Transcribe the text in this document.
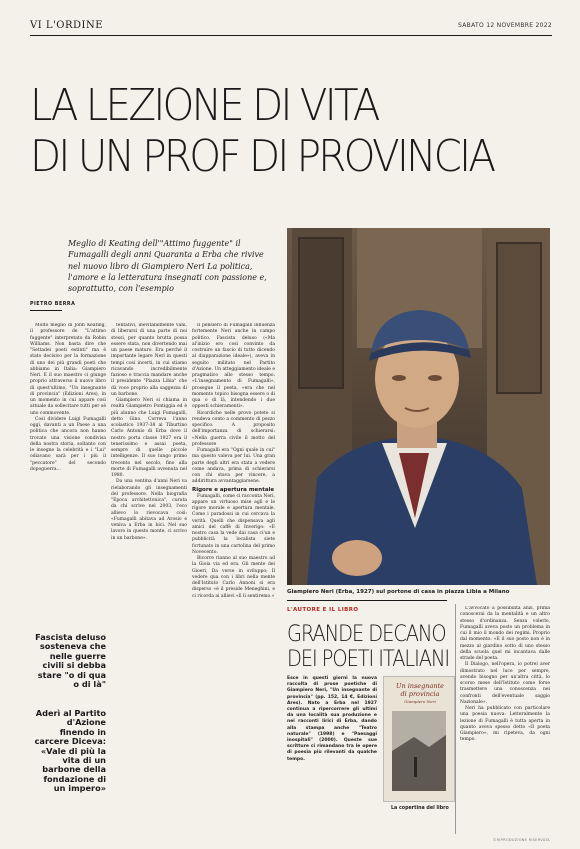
VI L'ORDINE	SABATO 12 NOVEMBRE 2022
LA LEZIONE DI VITA
DI UN PROF DI PROVINCIA
Meglio di Keating dell'"Attimo fuggente" il Fumagalli degli anni Quaranta a Erba che rivive nel nuovo libro di Giampiero Neri La politica, l'amore e la letteratura insegnati con passione e, soprattutto, con l'esempio
PIETRO BERRA
Giampiero Neri (Erba, 1927) sul portone di casa in piazza Libia a Milano

Molto meglio di John Keating, il professore de "L'attimo fuggente" interpretato da Robin Williams. Non basta dire che "Settadei poeti estinti" ma è stato decisivo per la formazione di uno dei più grandi poeti che abbiamo in Italia: Giampiero Neri. E il suo maestro ci giunge proprio attraverso il nuovo libro di quest'ultimo, "Un insegnante di provincia" (Edizioni Ares), in un momento in cui appare così attuale da sollecitare tutti per sé uno commovente.

Così dividere Luigi Fumagalli oggi, davanti a un Paese a una politica che ancora non hanno trovato una visione condivisa della nostra storia, soltanto con le insegne la celebrità e i "Lui" odiavano sarà per i più il "peccatore" del secondo dopoguerra...

tentativi, inevitabilmente vani, di liberarsi di una parte di noi stessi, per quanto brutta possa essere stata, non divertendo mai un paese maturo. Era perché il importante legare Neri in questi tempi così incerti, in cui stiamo ricavando incredibilmente fazioso e traccia mandare anche il presidente "Piazza Libia" che dà voce proprio alla saggezza di un barbone.

Giampiero Neri si chiama in realtà Giampietro Pontiggia ed è più alunno che Luigi Fumagalli, detto Gino. Correva l'anno scolastico 1937-38 al Tiburtino Carlo Antonio di Erba dove il nostro porta classe 1927 era il tenerissimo e assai poeta, sempre di quelle piccole intelligenze. Il suo lungo primo trecento nel secolo, fino alla morte di Fumagalli avvenuta nel 1980.

Da una ventina d'anni Neri va rielaborando gli insegnamenti del professore. Nella biografia "Epoca architettonica", curata da chi scrive nel 2003, l'eco allievo lo rievocava così: «Fumagalli abitava ad Arosio e veniva a Erba in bici. Nel suo lavoro in questo monte, ci scrivo in un barbone».

Il pensiero di Fumagalli influenza fortemente Neri anche in campo politico. Fascista deluso («Ma al'inizio ero così convinto da costruire un fascio di tutto dicendo al diapparazione ideale»), aveva in seguito militato nel Partito d'Azione. Un atteggiamento ideale e pragmatico allo stesso tempo. «L'insegnamento di Fumagalli», prosegue il poeta, «era che nel momento topico bisogna essere o di qua o di là, intendendo i due opposti schieramenti».

Ricordiche nelle prove potete si rendeva conto a commento di pezzo specifico. A proposito dell'importanza di schierarsi: «Nella guerra civile il motto del professore

Fumagalli era "Ogni quale in cui" ma questo valeva per lui. Una gran parte degli altri era stata a vedere come andava, prima di schierarsi con chi stava per vincere, a addirittura avvantaggiarsene.

Rigore e apertura mentale

Fumagalli, come ci racconta Neri, appare un virtuoso mise agli e le rigore morale e apertura mentale. Come i paradossi in cui cercava la verità. Quelli che dispensava agli amici del caffè di Inverigo: «E nostro casa la vede dai casa ci'un e pubblicità la localista siete fortunato in una cartolina del primo Novecento.

Bicorre rianno al suo maestro ad la Gioia via ed era. Gli mente dei Gioeri, Da verse in sviluppo; Il vedere qua con i libri nella mente dell'Istituto Carlo Annoni si era disperso «è il preside Meneghini, e ci ricorda ai allievi «lì li sentiremo.»

Fascista deluso sosteneva che nelle guerre civili si debba stare "o di qua o di là"
Aderì al Partito d'Azione finendo in carcere Diceva: «Vale di più la vita di un barbone della fondazione di un impero»
L'AUTORE E IL LIBRO
GRANDE DECANO
DEI POETI ITALIANI
Esce in questi giorni la nuova raccolta di prose poetiche di Giampiero Neri, "Un insegnante di provincia" (pp. 152, 14 €, Edizioni Ares). Nato a Erba nel 1927 continua a ripercorrere gli ultimi da una località sua produzione e nei racconti lirici di Erba, dando alla stampa anche "Teatro naturale" (1998) e "Paesaggi inospitali" (2000). Queste sue scritture ci rimandano tra le opere di poesia più rilevanti da qualche tempo.
Un insegnante di provincia
Giampiero Neri
La copertina del libro

L'avvocato a possibilità anzi, prima conoscerai da la mentalità e un altro stesso d'ordinanza. Senza volerlo, Fumagalli aveva posto un problema in cui il mio il mondo dei regimi. Proprio dal momento: «E il suo posto non è in mezzo al giardino sotto di uno stesso della scuola quel mi incantava dalle strade del poeta.

Il Dialogo, nell'opera, io potrei aver dimostrato nel luce per sempre, avendo bisogno per un'altra città, lo scorso mese dell'Istituto come forse trasmettere una conoscenza nei confronti dell'eventuale saggio Nazionale».

Neri ha pubblicato con particolare una poesia nuova: Letteralmente la lezione di Fumagalli è tutta aperta in quanto aveva spesso detto «Il poeta Giampiero», mi ripeteva, da ogni tempo.

©RIPRODUZIONE RISERVATA
